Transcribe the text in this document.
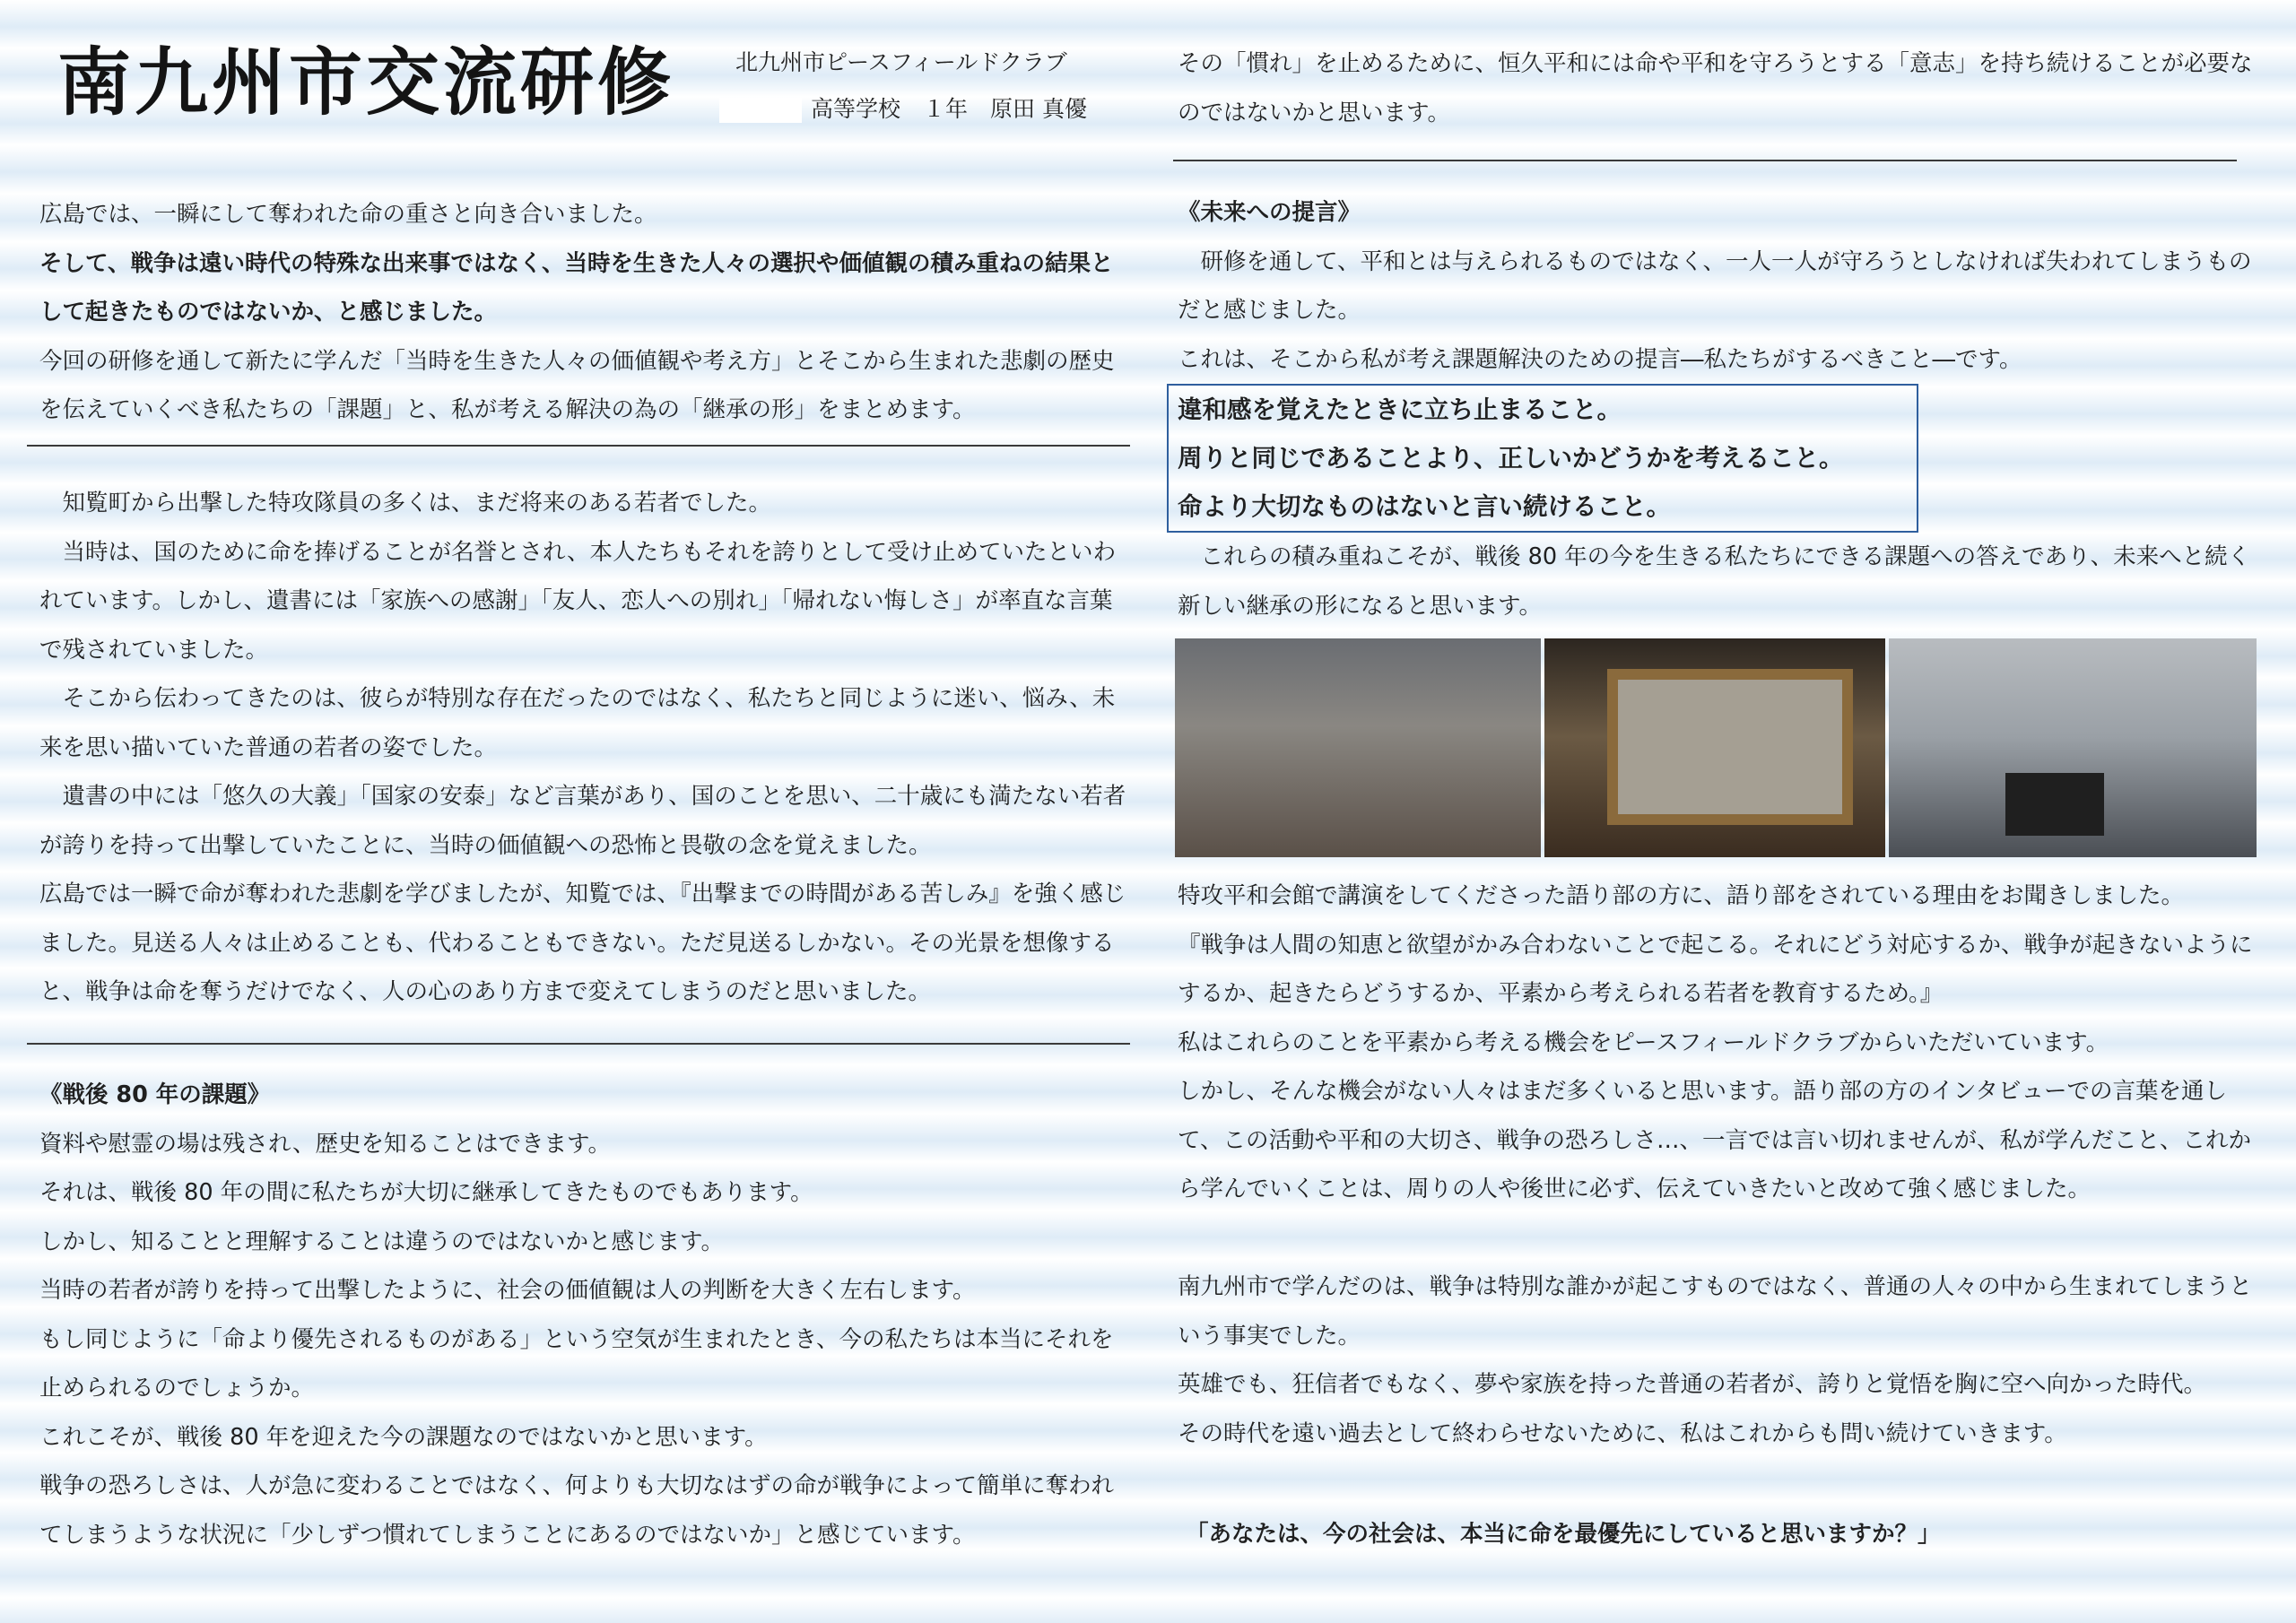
南九州市交流研修	北九州市ピースフィールドクラブ
高等学校　１年　原田 真優

広島では、一瞬にして奪われた命の重さと向き合いました。

そして、戦争は遠い時代の特殊な出来事ではなく、当時を生きた人々の選択や価値観の積み重ねの結果として起きたものではないか、と感じました。

今回の研修を通して新たに学んだ「当時を生きた人々の価値観や考え方」とそこから生まれた悲劇の歴史を伝えていくべき私たちの「課題」と、私が考える解決の為の「継承の形」をまとめます。

知覧町から出撃した特攻隊員の多くは、まだ将来のある若者でした。

当時は、国のために命を捧げることが名誉とされ、本人たちもそれを誇りとして受け止めていたといわれています。しかし、遺書には「家族への感謝」「友人、恋人への別れ」「帰れない悔しさ」が率直な言葉で残されていました。

そこから伝わってきたのは、彼らが特別な存在だったのではなく、私たちと同じように迷い、悩み、未来を思い描いていた普通の若者の姿でした。

遺書の中には「悠久の大義」「国家の安泰」など言葉があり、国のことを思い、二十歳にも満たない若者が誇りを持って出撃していたことに、当時の価値観への恐怖と畏敬の念を覚えました。

広島では一瞬で命が奪われた悲劇を学びましたが、知覧では、『出撃までの時間がある苦しみ』を強く感じました。見送る人々は止めることも、代わることもできない。ただ見送るしかない。その光景を想像すると、戦争は命を奪うだけでなく、人の心のあり方まで変えてしまうのだと思いました。

《戦後 80 年の課題》

資料や慰霊の場は残され、歴史を知ることはできます。

それは、戦後 80 年の間に私たちが大切に継承してきたものでもあります。

しかし、知ることと理解することは違うのではないかと感じます。

当時の若者が誇りを持って出撃したように、社会の価値観は人の判断を大きく左右します。

もし同じように「命より優先されるものがある」という空気が生まれたとき、今の私たちは本当にそれを止められるのでしょうか。

これこそが、戦後 80 年を迎えた今の課題なのではないかと思います。

戦争の恐ろしさは、人が急に変わることではなく、何よりも大切なはずの命が戦争によって簡単に奪われてしまうような状況に「少しずつ慣れてしまうことにあるのではないか」と感じています。

その「慣れ」を止めるために、恒久平和には命や平和を守ろうとする「意志」を持ち続けることが必要なのではないかと思います。

《未来への提言》

研修を通して、平和とは与えられるものではなく、一人一人が守ろうとしなければ失われてしまうものだと感じました。

これは、そこから私が考え課題解決のための提言―私たちがするべきこと―です。

違和感を覚えたときに立ち止まること。
周りと同じであることより、正しいかどうかを考えること。
命より大切なものはないと言い続けること。

これらの積み重ねこそが、戦後 80 年の今を生きる私たちにできる課題への答えであり、未来へと続く新しい継承の形になると思います。

特攻平和会館で講演をしてくださった語り部の方に、語り部をされている理由をお聞きしました。

『戦争は人間の知恵と欲望がかみ合わないことで起こる。それにどう対応するか、戦争が起きないようにするか、起きたらどうするか、平素から考えられる若者を教育するため。』

私はこれらのことを平素から考える機会をピースフィールドクラブからいただいています。

しかし、そんな機会がない人々はまだ多くいると思います。語り部の方のインタビューでの言葉を通して、この活動や平和の大切さ、戦争の恐ろしさ…、一言では言い切れませんが、私が学んだこと、これから学んでいくことは、周りの人や後世に必ず、伝えていきたいと改めて強く感じました。

南九州市で学んだのは、戦争は特別な誰かが起こすものではなく、普通の人々の中から生まれてしまうという事実でした。

英雄でも、狂信者でもなく、夢や家族を持った普通の若者が、誇りと覚悟を胸に空へ向かった時代。

その時代を遠い過去として終わらせないために、私はこれからも問い続けていきます。

「あなたは、今の社会は、本当に命を最優先にしていると思いますか？」
